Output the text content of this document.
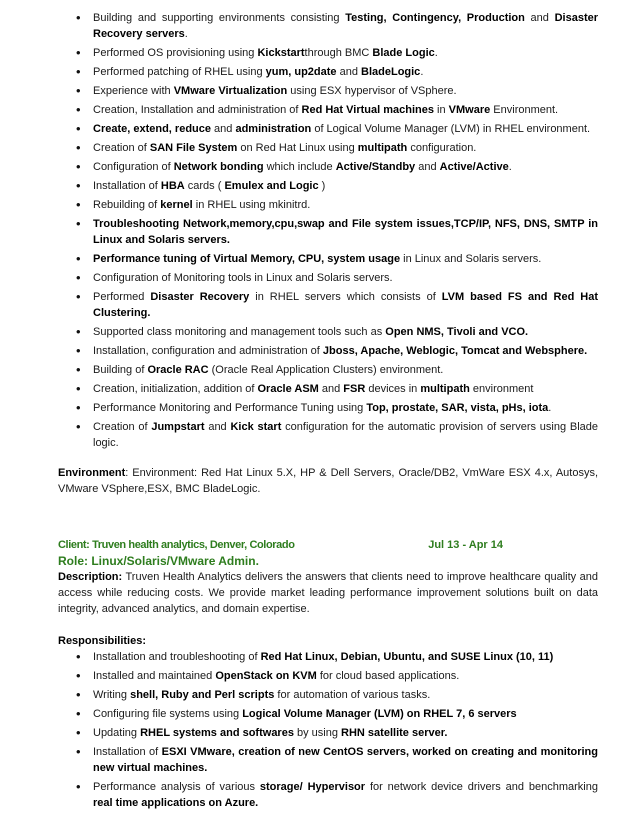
• Building and supporting environments consisting Testing, Contingency, Production and Disaster Recovery servers.
• Performed OS provisioning using Kickstartthrough BMC Blade Logic.
• Performed patching of RHEL using yum, up2date and BladeLogic.
• Experience with VMware Virtualization using ESX hypervisor of VSphere.
• Creation, Installation and administration of Red Hat Virtual machines in VMware Environment.
• Create, extend, reduce and administration of Logical Volume Manager (LVM) in RHEL environment.
• Creation of SAN File System on Red Hat Linux using multipath configuration.
• Configuration of Network bonding which include Active/Standby and Active/Active.
• Installation of HBA cards ( Emulex and Logic )
• Rebuilding of kernel in RHEL using mkinitrd.
• Troubleshooting Network,memory,cpu,swap and File system issues,TCP/IP, NFS, DNS, SMTP in Linux and Solaris servers.
• Performance tuning of Virtual Memory, CPU, system usage in Linux and Solaris servers.
• Configuration of Monitoring tools in Linux and Solaris servers.
• Performed Disaster Recovery in RHEL servers which consists of LVM based FS and Red Hat Clustering.
• Supported class monitoring and management tools such as Open NMS, Tivoli and VCO.
• Installation, configuration and administration of Jboss, Apache, Weblogic, Tomcat and Websphere.
• Building of Oracle RAC (Oracle Real Application Clusters) environment.
• Creation, initialization, addition of Oracle ASM and FSR devices in multipath environment
• Performance Monitoring and Performance Tuning using Top, prostate, SAR, vista, pHs, iota.
• Creation of Jumpstart and Kick start configuration for the automatic provision of servers using Blade logic.
Environment: Environment: Red Hat Linux 5.X, HP & Dell Servers, Oracle/DB2, VmWare ESX 4.x, Autosys, VMware VSphere,ESX, BMC BladeLogic.
Client: Truven health analytics, Denver, Colorado	Jul 13 - Apr 14
Role: Linux/Solaris/VMware Admin.
Description: Truven Health Analytics delivers the answers that clients need to improve healthcare quality and access while reducing costs. We provide market leading performance improvement solutions built on data integrity, advanced analytics, and domain expertise.
Responsibilities:
• Installation and troubleshooting of Red Hat Linux, Debian, Ubuntu, and SUSE Linux (10, 11)
• Installed and maintained OpenStack on KVM for cloud based applications.
• Writing shell, Ruby and Perl scripts for automation of various tasks.
• Configuring file systems using Logical Volume Manager (LVM) on RHEL 7, 6 servers
• Updating RHEL systems and softwares by using RHN satellite server.
• Installation of ESXI VMware, creation of new CentOS servers, worked on creating and monitoring new virtual machines.
• Performance analysis of various storage/ Hypervisor for network device drivers and benchmarking real time applications on Azure.
